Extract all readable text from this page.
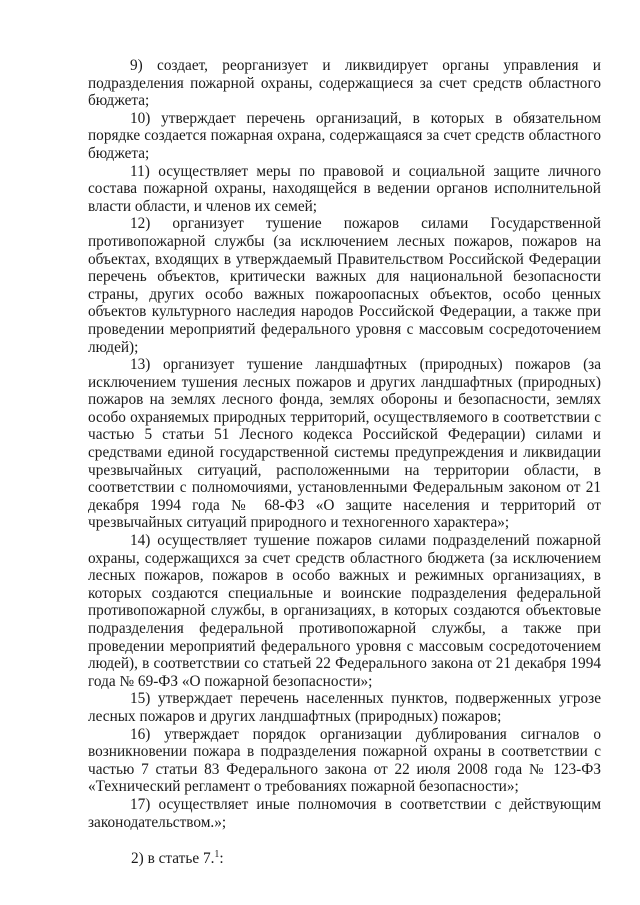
9) создает, реорганизует и ликвидирует органы управления и подразделения пожарной охраны, содержащиеся за счет средств областного бюджета;

10) утверждает перечень организаций, в которых в обязательном порядке создается пожарная охрана, содержащаяся за счет средств областного бюджета;

11) осуществляет меры по правовой и социальной защите личного состава пожарной охраны, находящейся в ведении органов исполнительной власти области, и членов их семей;

12) организует тушение пожаров силами Государственной противопожарной службы (за исключением лесных пожаров, пожаров на объектах, входящих в утверждаемый Правительством Российской Федерации перечень объектов, критически важных для национальной безопасности страны, других особо важных пожароопасных объектов, особо ценных объектов культурного наследия народов Российской Федерации, а также при проведении мероприятий федерального уровня с массовым сосредоточением людей);

13) организует тушение ландшафтных (природных) пожаров (за исключением тушения лесных пожаров и других ландшафтных (природных) пожаров на землях лесного фонда, землях обороны и безопасности, землях особо охраняемых природных территорий, осуществляемого в соответствии с частью 5 статьи 51 Лесного кодекса Российской Федерации) силами и средствами единой государственной системы предупреждения и ликвидации чрезвычайных ситуаций, расположенными на территории области, в соответствии с полномочиями, установленными Федеральным законом от 21 декабря 1994 года № 68-ФЗ «О защите населения и территорий от чрезвычайных ситуаций природного и техногенного характера»;

14) осуществляет тушение пожаров силами подразделений пожарной охраны, содержащихся за счет средств областного бюджета (за исключением лесных пожаров, пожаров в особо важных и режимных организациях, в которых создаются специальные и воинские подразделения федеральной противопожарной службы, в организациях, в которых создаются объектовые подразделения федеральной противопожарной службы, а также при проведении мероприятий федерального уровня с массовым сосредоточением людей), в соответствии со статьей 22 Федерального закона от 21 декабря 1994 года № 69-ФЗ «О пожарной безопасности»;

15) утверждает перечень населенных пунктов, подверженных угрозе лесных пожаров и других ландшафтных (природных) пожаров;

16) утверждает порядок организации дублирования сигналов о возникновении пожара в подразделения пожарной охраны в соответствии с частью 7 статьи 83 Федерального закона от 22 июля 2008 года № 123-ФЗ «Технический регламент о требованиях пожарной безопасности»;

17) осуществляет иные полномочия в соответствии с действующим законодательством.»;

2) в статье 7.$^1$:
